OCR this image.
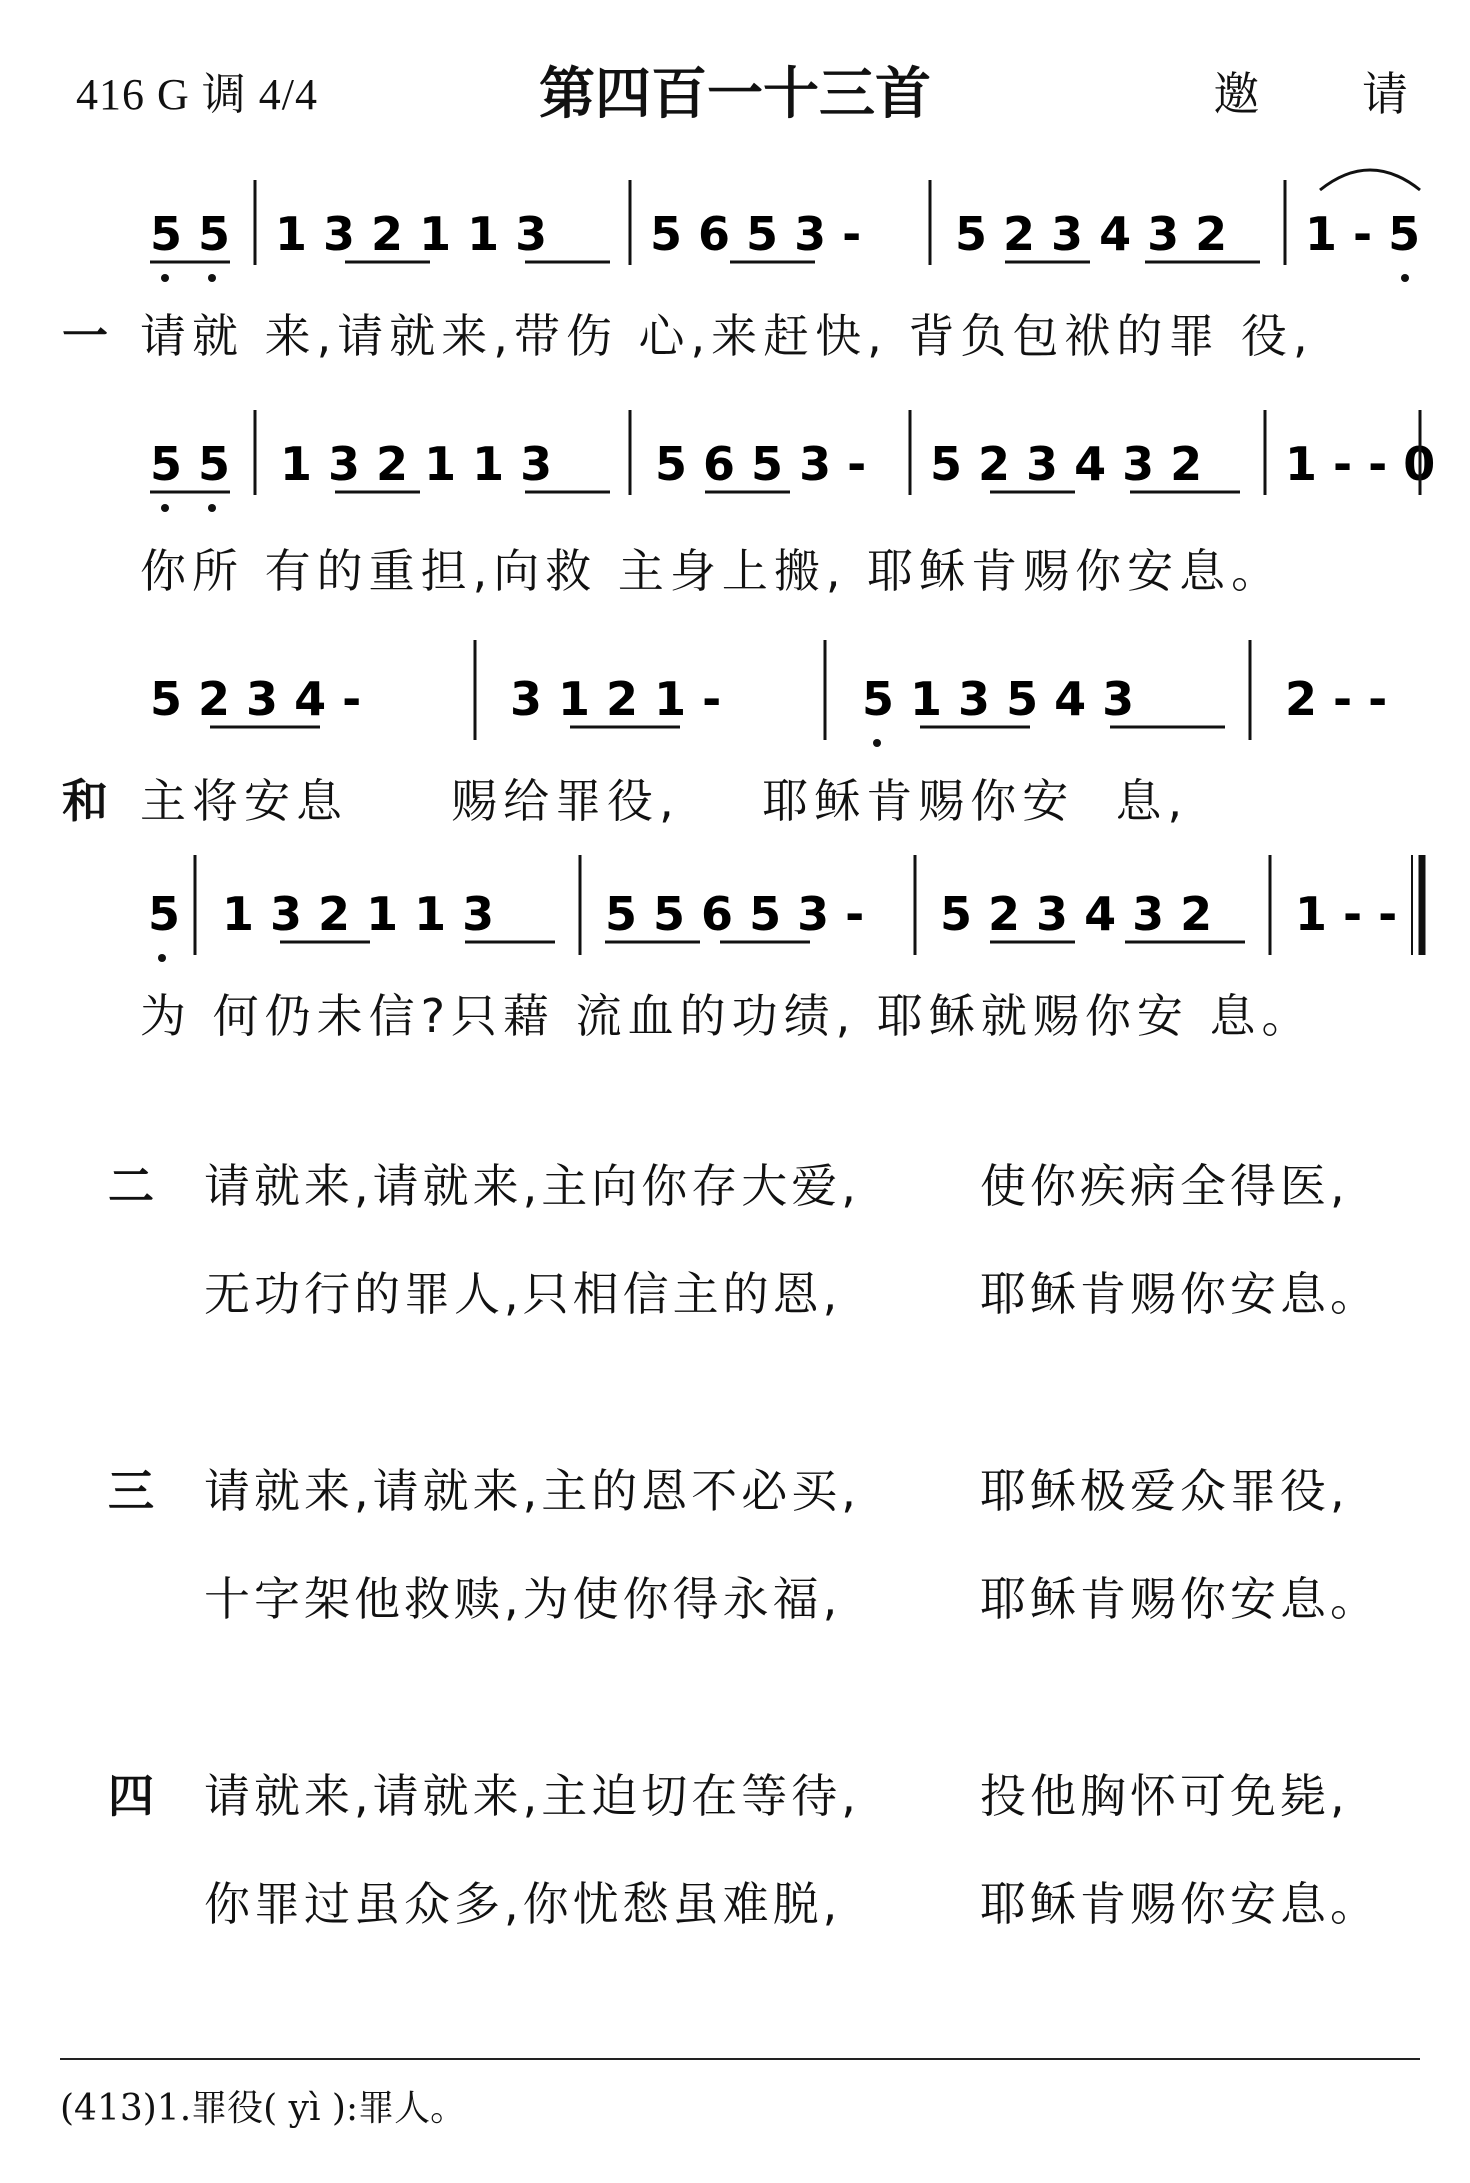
416 G 调 4/4	第四百一十三首	邀 请
5 5 1 3 2 1 1 3 5 6 5 3 - 5 2 3 4 3 2 1 - 5
一 请就 来,请就来,带伤 心,来赶快, 背负包袱的罪 役,
5 5 1 3 2 1 1 3 5 6 5 3 - 5 2 3 4 3 2 1 - - 0
你所 有的重担,向救 主身上搬, 耶稣肯赐你安息。
5 2 3 4 -	3 1 2 1 -	5 1 3 5 4 3	2 - -
和 主将安息     赐给罪役,    耶稣肯赐你安  息,
5 1 3 2 1 1 3 5 5 6 5 3 - 5 2 3 4 3 2 1 - -
为 何仍未信?只藉 流血的功绩, 耶稣就赐你安 息。
二 请就来,请就来,主向你存大爱,	使你疾病全得医,
无功行的罪人,只相信主的恩,	耶稣肯赐你安息。
三 请就来,请就来,主的恩不必买,	耶稣极爱众罪役,
十字架他救赎,为使你得永福,	耶稣肯赐你安息。
四 请就来,请就来,主迫切在等待,	投他胸怀可免毙,
你罪过虽众多,你忧愁虽难脱,	耶稣肯赐你安息。
(413)1.罪役( yì ):罪人。
